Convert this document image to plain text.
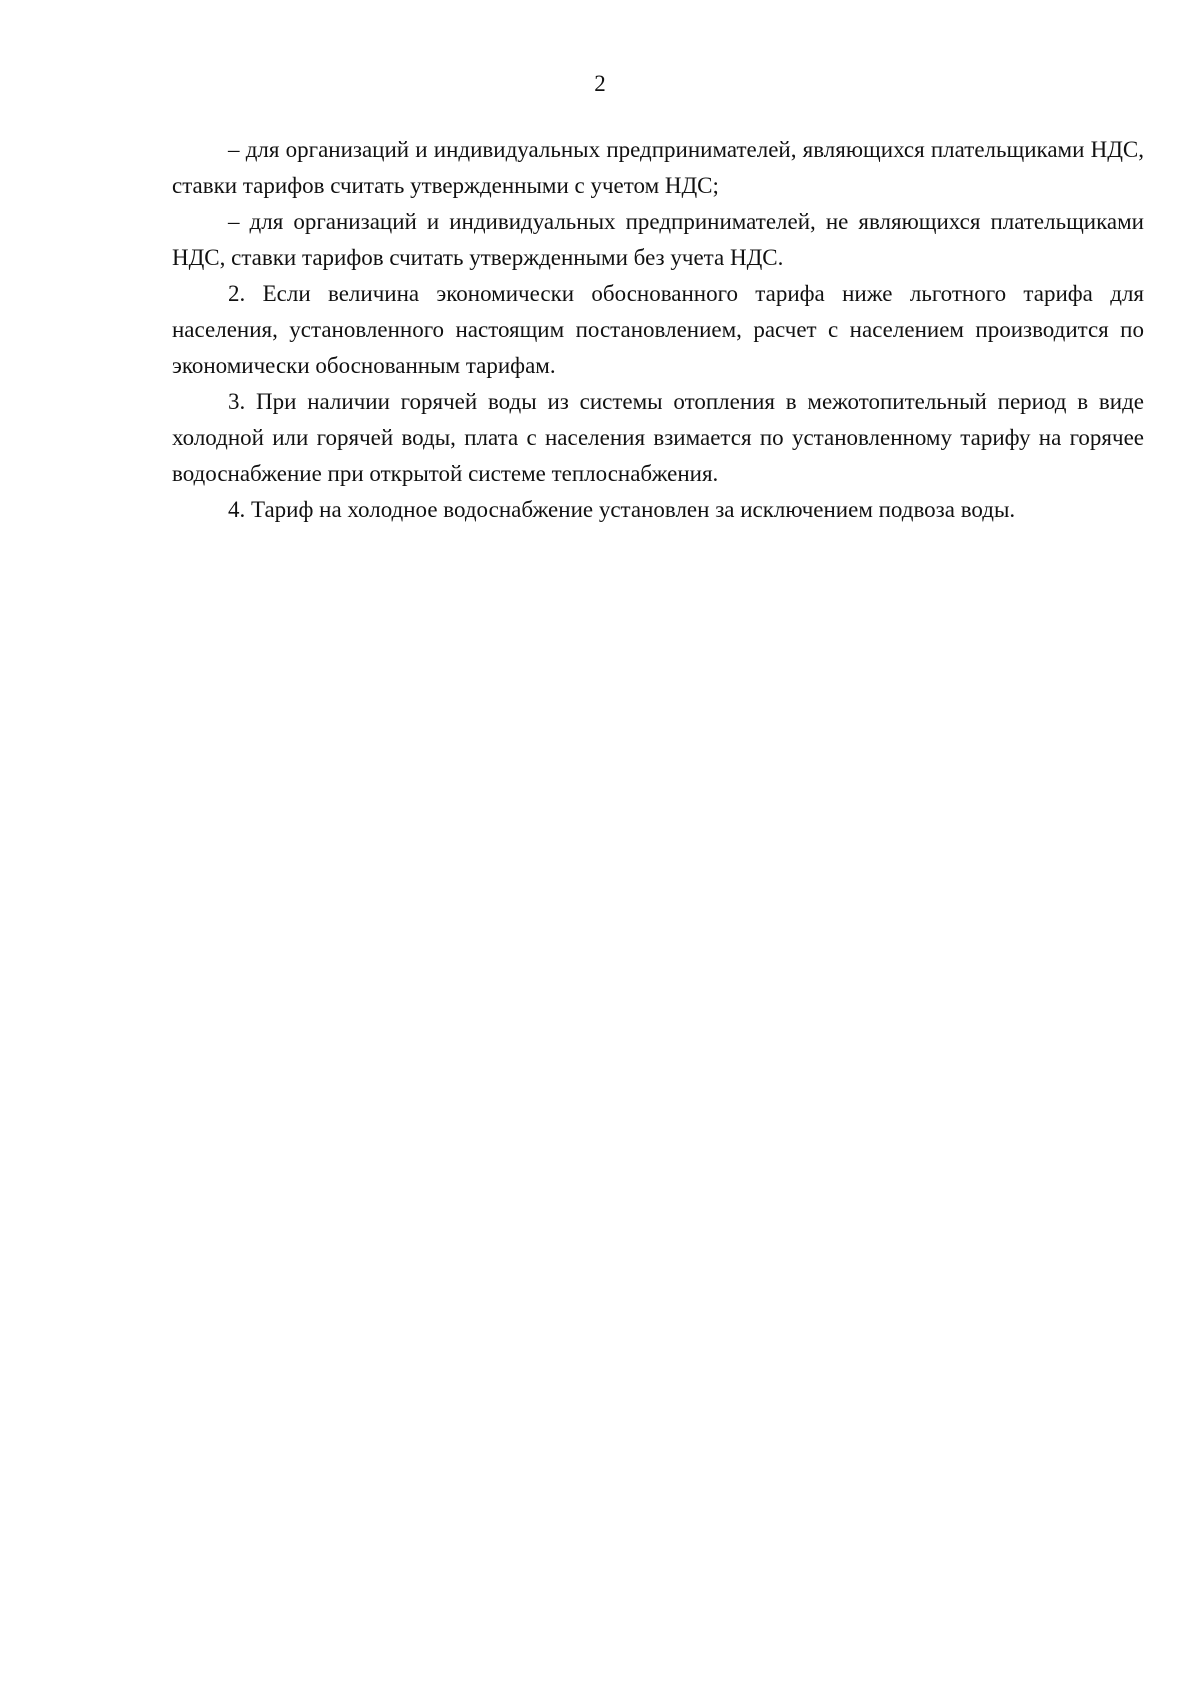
2

– для организаций и индивидуальных предпринимателей, являющихся плательщиками НДС, ставки тарифов считать утвержденными с учетом НДС;

– для организаций и индивидуальных предпринимателей, не являющихся плательщиками НДС, ставки тарифов считать утвержденными без учета НДС.

2. Если величина экономически обоснованного тарифа ниже льготного тарифа для населения, установленного настоящим постановлением, расчет с населением производится по экономически обоснованным тарифам.

3. При наличии горячей воды из системы отопления в межотопительный период в виде холодной или горячей воды, плата с населения взимается по установленному тарифу на горячее водоснабжение при открытой системе теплоснабжения.

4. Тариф на холодное водоснабжение установлен за исключением подвоза воды.
